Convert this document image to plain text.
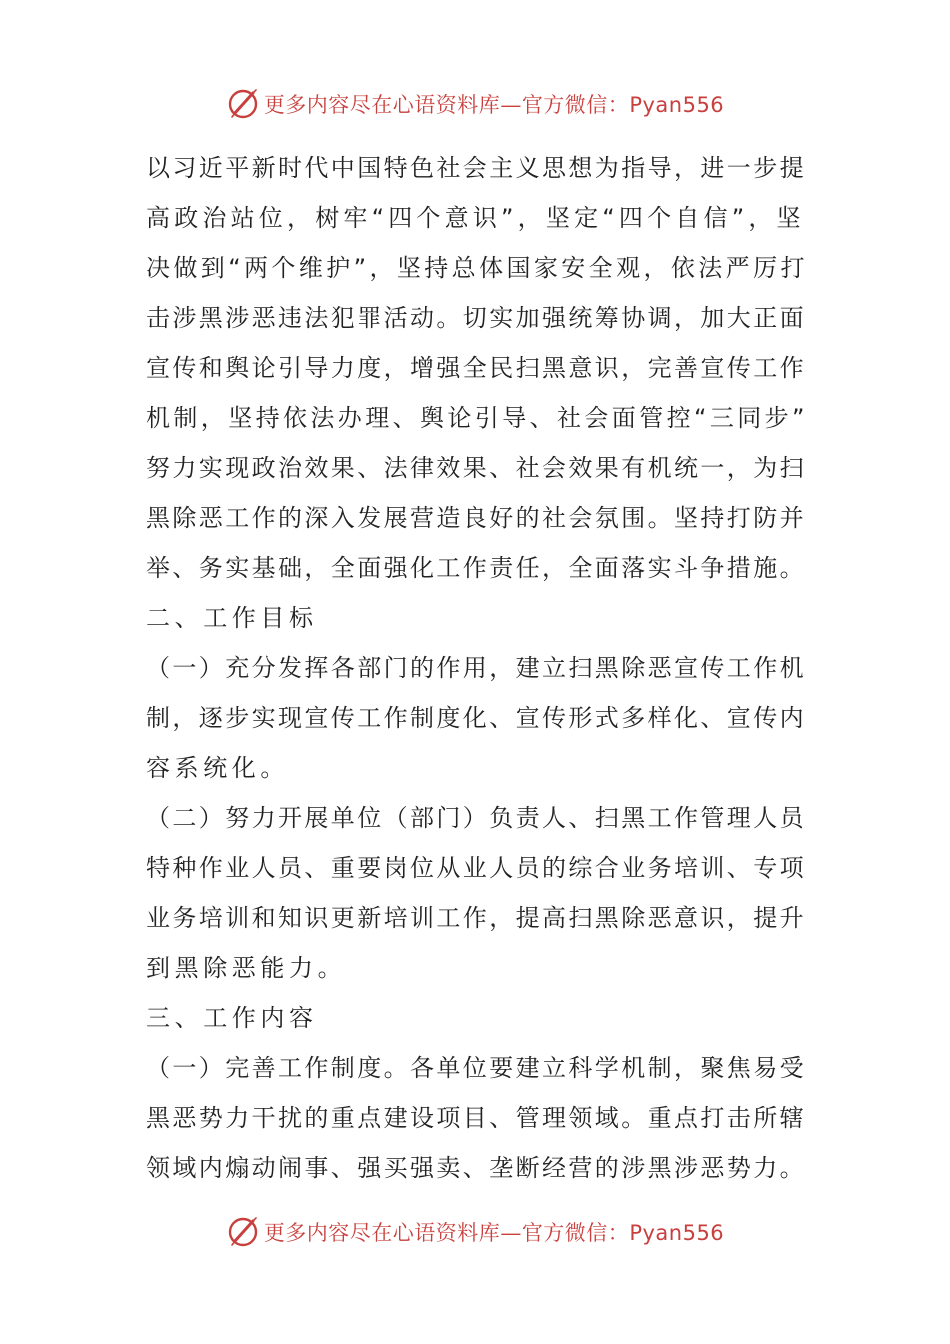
更多内容尽在心语资料库—官方微信：Pyan556
以习近平新时代中国特色社会主义思想为指导，进一步提
高政治站位，树牢“四个意识”，坚定“四个自信”，坚
决做到“两个维护”，坚持总体国家安全观，依法严厉打
击涉黑涉恶违法犯罪活动。切实加强统筹协调，加大正面
宣传和舆论引导力度，增强全民扫黑意识，完善宣传工作
机制，坚持依法办理、舆论引导、社会面管控“三同步”
努力实现政治效果、法律效果、社会效果有机统一，为扫
黑除恶工作的深入发展营造良好的社会氛围。坚持打防并
举、务实基础，全面强化工作责任，全面落实斗争措施。
二、工作目标
（一）充分发挥各部门的作用，建立扫黑除恶宣传工作机
制，逐步实现宣传工作制度化、宣传形式多样化、宣传内
容系统化。
（二）努力开展单位（部门）负责人、扫黑工作管理人员
特种作业人员、重要岗位从业人员的综合业务培训、专项
业务培训和知识更新培训工作，提高扫黑除恶意识，提升
到黑除恶能力。
三、工作内容
（一）完善工作制度。各单位要建立科学机制，聚焦易受
黑恶势力干扰的重点建设项目、管理领域。重点打击所辖
领域内煽动闹事、强买强卖、垄断经营的涉黑涉恶势力。
更多内容尽在心语资料库—官方微信：Pyan556
